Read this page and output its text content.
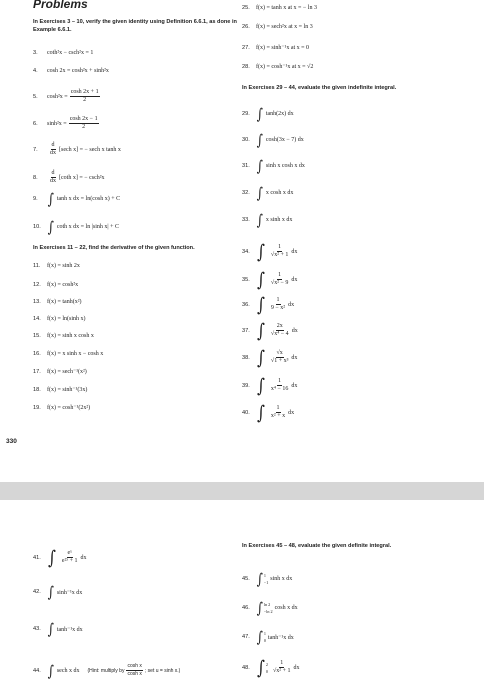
Problems
330
In Exercises 3 – 10, verify the given identity using Definition 6.6.1, as done in Example 6.6.1.
In Exercises 11 – 22, find the derivative of the given function.
3.	coth²x − csch²x = 1
4.	cosh 2x = cosh²x + sinh²x
5.	$\cosh^2x = \frac{\cosh 2x + 1}{2}$
6.	$\sinh^2x = \frac{\cosh 2x - 1}{2}$
7.	$\frac{d}{dx} [\sec h$ x] = − sech x tanh x
8.	$\frac{d}{dx} [\cot h$ x] = − csch²x
9. ∫ tanh x dx = ln(cosh x) + C
10. ∫ coth x dx = ln |sinh x| + C
11.	f(x) = sinh 2x
12.	f(x) = cosh²x
13.	f(x) = tanh(x²)
14.	f(x) = ln(sinh x)
15.	f(x) = sinh x cosh x
16.	f(x) = x sinh x − cosh x
17.	f(x) = sech⁻¹(x²)
18.	f(x) = sinh⁻¹(3x)
19.	f(x) = cosh⁻¹(2x²)
In Exercises 29 – 44, evaluate the given indefinite integral.
25.	f(x) = tanh x at x = − ln 3
26.	f(x) = sech²x at x = ln 3
27.	f(x) = sinh⁻¹x at x = 0
28.	f(x) = cosh⁻¹x at x = √2
29. ∫ tanh(2x) dx
30. ∫ cosh(3x − 7) dx
31. ∫ sinh x cosh x dx
32. ∫ x cosh x dx
33. ∫ x sinh x dx
34. ∫ $\frac{1}{\text{√x² + 1}}$ dx
35. ∫ $\frac{1}{\text{√x² − 9}}$ dx
36. ∫ $\frac{1}{\text{9 − x²}}$ dx
37. ∫ $\frac{2x}{\text{√x⁴ − 4}}$ dx
38. ∫ $\frac{√x}{\text{√1 + x³}}$ dx
39. ∫ $\frac{1}{\text{x⁴ − 16}}$ dx
40. ∫ $\frac{1}{\text{x² + x}}$ dx
41. ∫ $\frac{\text{eˣ}}{\text{e²ˣ + 1}}$ dx
42. ∫ sinh⁻¹x dx
43. ∫ tanh⁻¹x dx
44. ∫ sech x dx (Hint: multiply by $\frac{\text{cosh x}}{\text{cosh x}}$ ; set u = sinh x.)
In Exercises 45 – 48, evaluate the given definite integral.
45. ∫ 1
−1
sinh x dx
46. ∫ ln 2
−ln 2
cosh x dx
47. ∫ 1
0 tanh⁻¹x dx
48. ∫ 2
$0 \frac{1}{\text{√x² + 1}}$ dx
